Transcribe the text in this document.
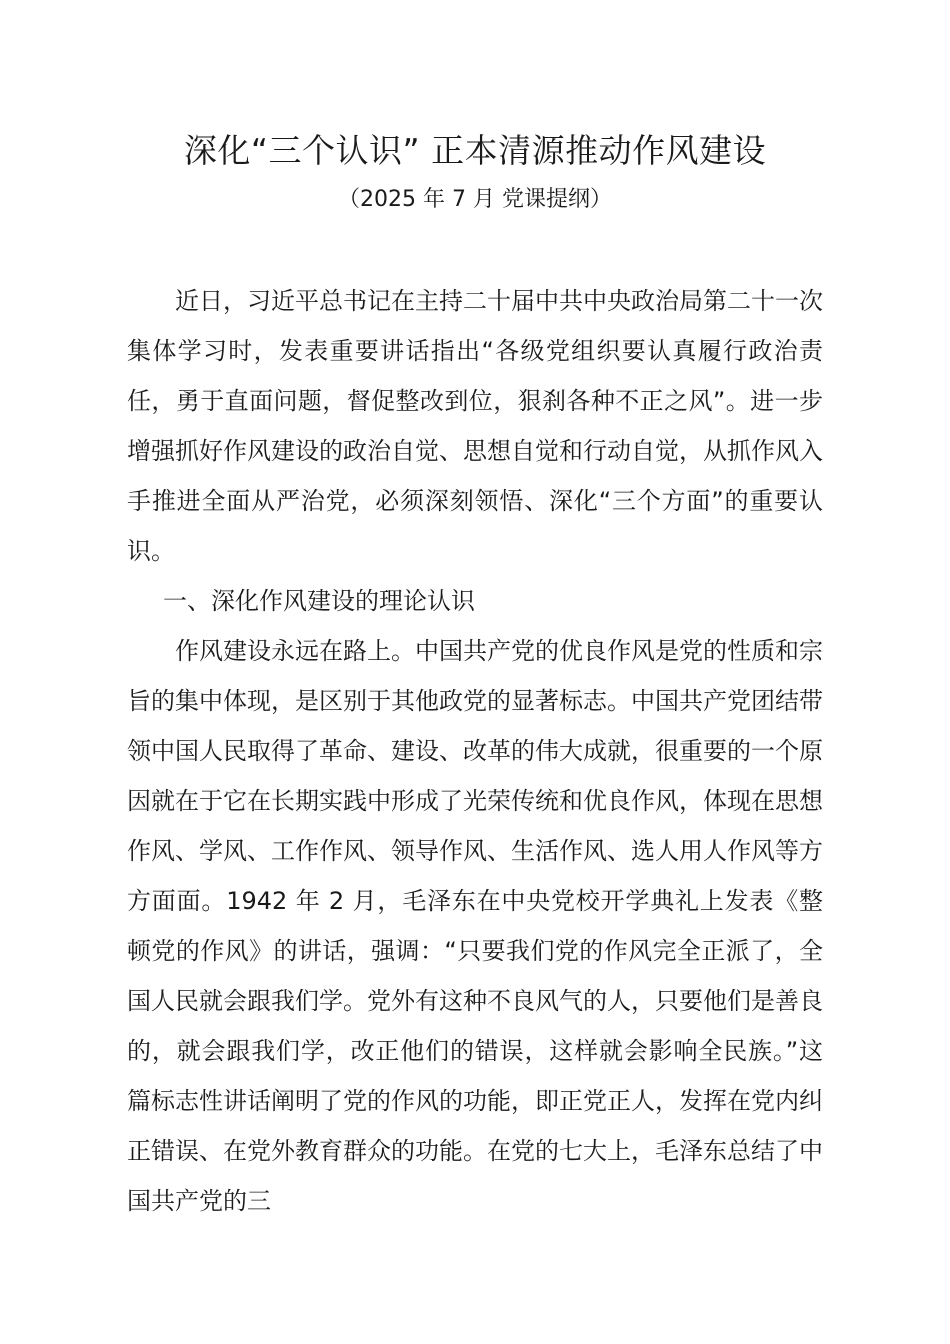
深化“三个认识” 正本清源推动作风建设
（2025 年 7 月 党课提纲）

近日，习近平总书记在主持二十届中共中央政治局第二十一次集体学习时，发表重要讲话指出“各级党组织要认真履行政治责任，勇于直面问题，督促整改到位，狠刹各种不正之风”。进一步增强抓好作风建设的政治自觉、思想自觉和行动自觉，从抓作风入手推进全面从严治党，必须深刻领悟、深化“三个方面”的重要认识。

一、深化作风建设的理论认识

作风建设永远在路上。中国共产党的优良作风是党的性质和宗旨的集中体现，是区别于其他政党的显著标志。中国共产党团结带领中国人民取得了革命、建设、改革的伟大成就，很重要的一个原因就在于它在长期实践中形成了光荣传统和优良作风，体现在思想作风、学风、工作作风、领导作风、生活作风、选人用人作风等方方面面。1942 年 2 月，毛泽东在中央党校开学典礼上发表《整顿党的作风》的讲话，强调：“只要我们党的作风完全正派了，全国人民就会跟我们学。党外有这种不良风气的人，只要他们是善良的，就会跟我们学，改正他们的错误，这样就会影响全民族。”这篇标志性讲话阐明了党的作风的功能，即正党正人，发挥在党内纠正错误、在党外教育群众的功能。在党的七大上，毛泽东总结了中国共产党的三
